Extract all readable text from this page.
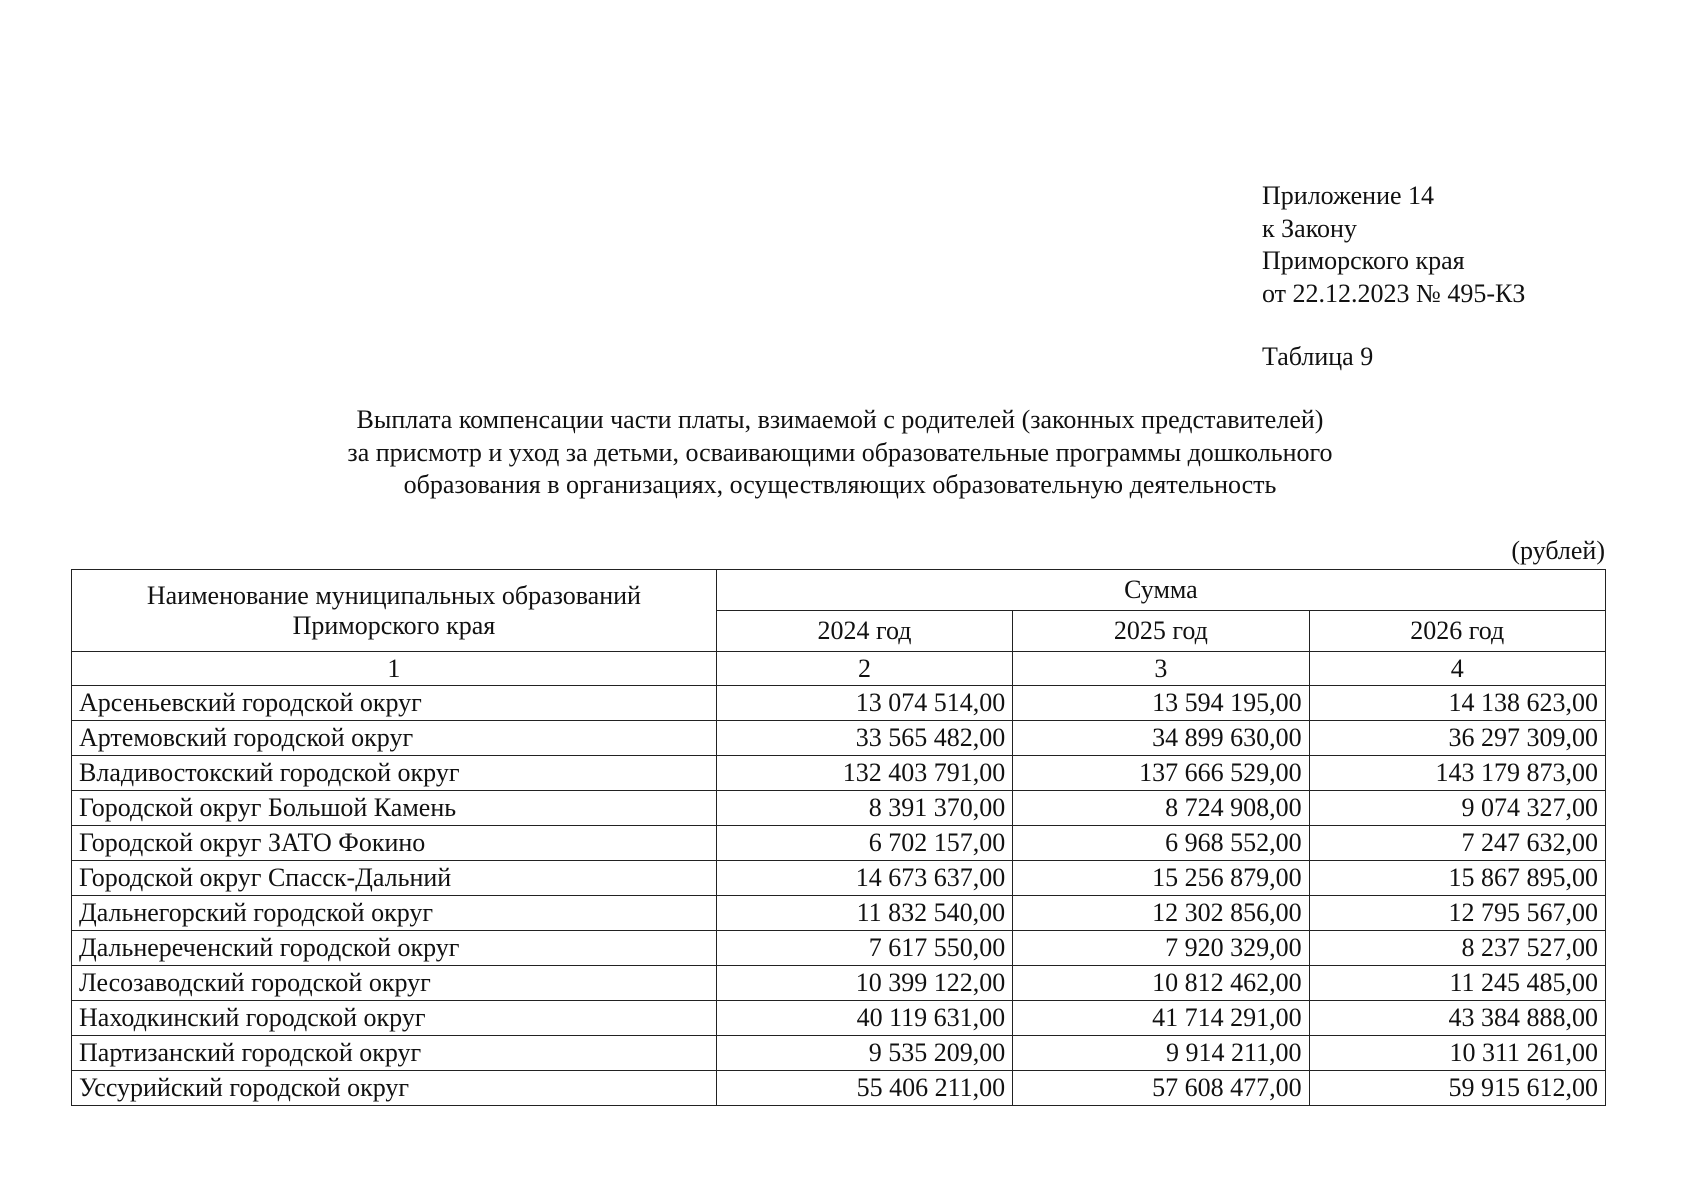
Приложение 14
к Закону
Приморского края
от 22.12.2023 № 495-КЗ
Таблица 9
Выплата компенсации части платы, взимаемой с родителей (законных представителей)
за присмотр и уход за детьми, осваивающими образовательные программы дошкольного
образования в организациях, осуществляющих образовательную деятельность
(рублей)
Наименование муниципальных образований
Приморского края	Сумма		
	2024 год	2025 год	2026 год
1	2	3	4
Арсеньевский городской округ	13 074 514,00	13 594 195,00	14 138 623,00
Артемовский городской округ	33 565 482,00	34 899 630,00	36 297 309,00
Владивостокский городской округ	132 403 791,00	137 666 529,00	143 179 873,00
Городской округ Большой Камень	8 391 370,00	8 724 908,00	9 074 327,00
Городской округ ЗАТО Фокино	6 702 157,00	6 968 552,00	7 247 632,00
Городской округ Спасск-Дальний	14 673 637,00	15 256 879,00	15 867 895,00
Дальнегорский городской округ	11 832 540,00	12 302 856,00	12 795 567,00
Дальнереченский городской округ	7 617 550,00	7 920 329,00	8 237 527,00
Лесозаводский городской округ	10 399 122,00	10 812 462,00	11 245 485,00
Находкинский городской округ	40 119 631,00	41 714 291,00	43 384 888,00
Партизанский городской округ	9 535 209,00	9 914 211,00	10 311 261,00
Уссурийский городской округ	55 406 211,00	57 608 477,00	59 915 612,00
